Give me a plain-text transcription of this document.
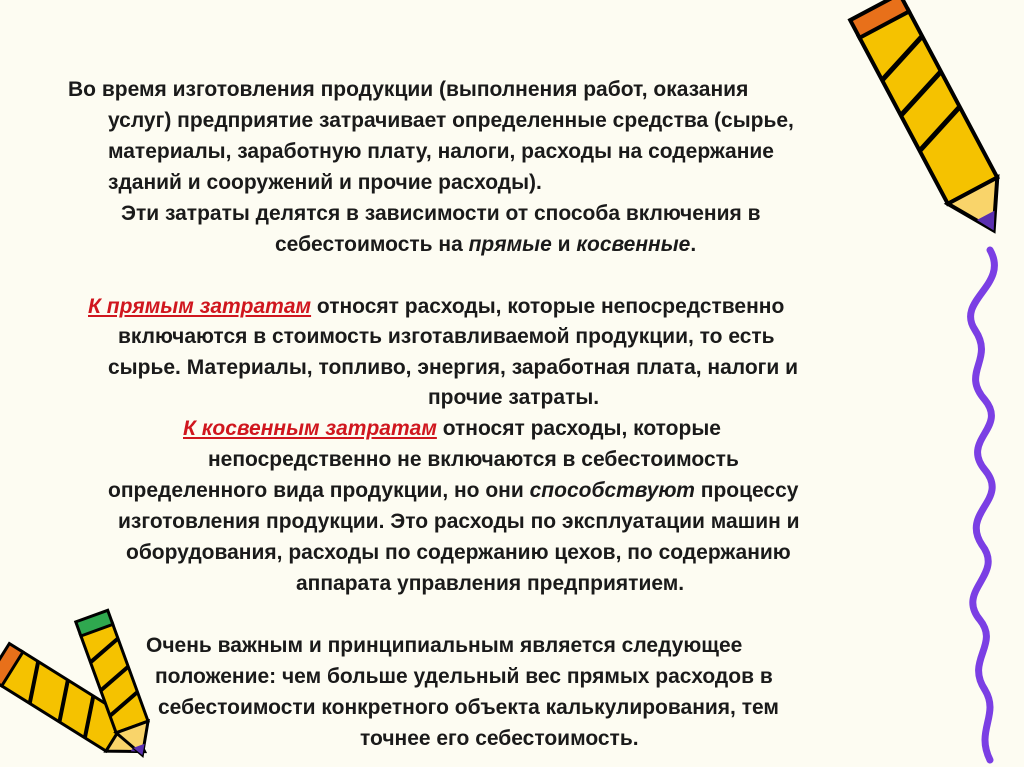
Во время изготовления продукции (выполнения работ, оказания
услуг) предприятие затрачивает определенные средства (сырье,
материалы, заработную плату, налоги, расходы на содержание
зданий и сооружений и прочие расходы).
Эти затраты делятся в зависимости от способа включения в
себестоимость на прямые и косвенные.
К прямым затратам относят расходы, которые непосредственно
включаются в стоимость изготавливаемой продукции, то есть
сырье. Материалы, топливо, энергия, заработная плата, налоги и
прочие затраты.
К косвенным затратам относят расходы, которые
непосредственно не включаются в себестоимость
определенного вида продукции, но они способствуют процессу
изготовления продукции. Это расходы по эксплуатации машин и
оборудования, расходы по содержанию цехов, по содержанию
аппарата управления предприятием.
Очень важным и принципиальным является следующее
положение: чем больше удельный вес прямых расходов в
себестоимости конкретного объекта калькулирования, тем
точнее его себестоимость.
